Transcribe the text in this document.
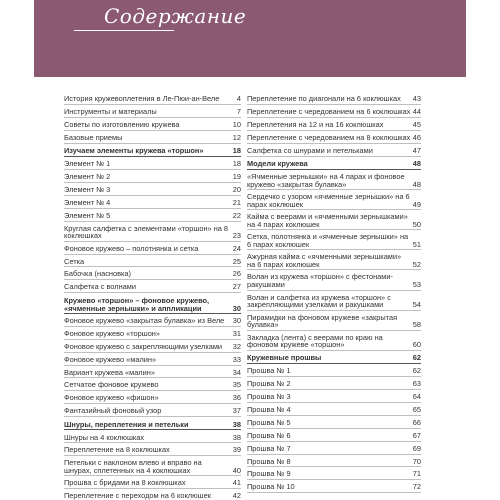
Содержание
История кружевоплетения в Ле-Пюи-ан-Веле	4
Инструменты и материалы	7
Советы по изготовлению кружева	10
Базовые приемы	12
Изучаем элементы кружева «торшон»	18
Элемент № 1	18
Элемент № 2	19
Элемент № 3	20
Элемент № 4	21
Элемент № 5	22
Круглая салфетка с элементами «торшон» на 8 коклюшках	23
Фоновое кружево – полотнянка и сетка	24
Сетка	25
Бабочка (насновка)	26
Салфетка с волнами	27
Кружево «торшон» – фоновое кружево, «ячменные зернышки» и аппликации	30
Фоновое кружево «закрытая булавка» из Веле	30
Фоновое кружево «торшон»	31
Фоновое кружево с закрепляющими узелками	32
Фоновое кружево «малин»	33
Вариант кружева «малин»	34
Сетчатое фоновое кружево	35
Фоновое кружево «фишон»	36
Фантазийный фоновый узор	37
Шнуры, переплетения и петельки	38
Шнуры на 4 коклюшках	38
Переплетение на 8 коклюшках	39
Петельки с наклоном влево и вправо на шнурах, сплетенных на 4 коклюшках	40
Прошва с бридами на 8 коклюшках	41
Переплетение с переходом на 6 коклюшек	42
Переплетение по диагонали на 6 коклюшках	43
Переплетение с чередованием на 6 коклюшках 44
Переплетения на 12 и на 16 коклюшках	45
Переплетение с чередованием на 8 коклюшках 46
Салфетка со шнурами и петельками	47
Модели кружева	48
«Ячменные зернышки» на 4 парах и фоновое кружево «закрытая булавка»	48
Сердечко с узором «ячменные зернышки» на 6 парах коклюшек	49
Кайма с веерами и «ячменными зернышками» на 4 парах коклюшек	50
Сетка, полотнянка и «ячменные зернышки» на 6 парах коклюшек	51
Ажурная кайма с «ячменными зернышками» на 6 парах коклюшек	52
Волан из кружева «торшон» с фестонами-ракушками	53
Волан и салфетка из кружева «торшон» с закрепляющими узелками и ракушками	54
Пирамидки на фоновом кружеве «закрытая булавка»	58
Закладка (лента) с веерами по краю на фоновом кружеве «торшон»	60
Кружевные прошвы	62
Прошва № 1	62
Прошва № 2	63
Прошва № 3	64
Прошва № 4	65
Прошва № 5	66
Прошва № 6	67
Прошва № 7	69
Прошва № 8	70
Прошва № 9	71
Прошва № 10	72
